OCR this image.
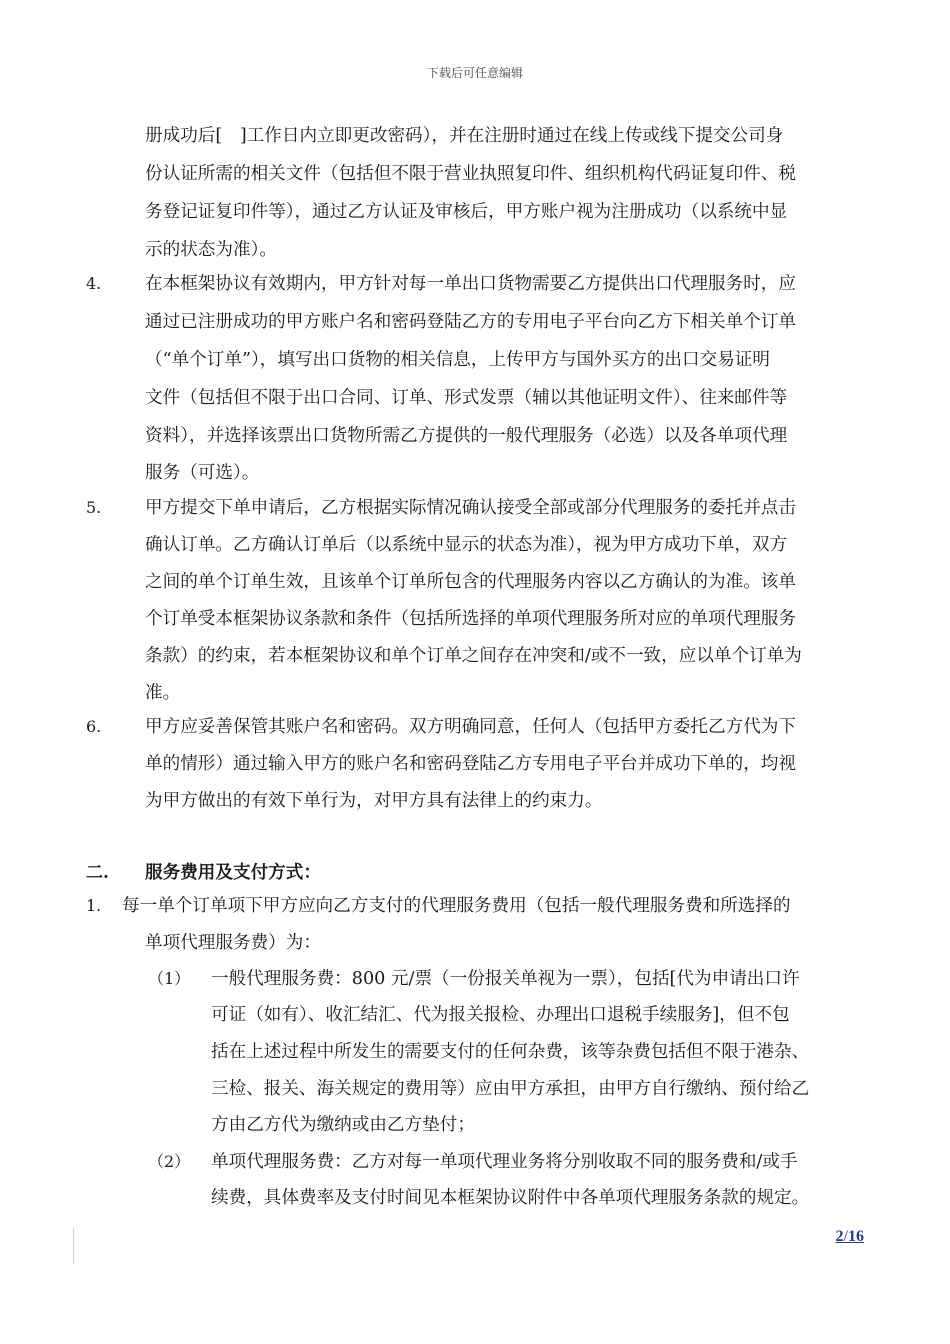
下载后可任意编辑
册成功后[　]工作日内立即更改密码），并在注册时通过在线上传或线下提交公司身
份认证所需的相关文件（包括但不限于营业执照复印件、组织机构代码证复印件、税
务登记证复印件等），通过乙方认证及审核后，甲方账户视为注册成功（以系统中显
示的状态为准）。
4. 在本框架协议有效期内，甲方针对每一单出口货物需要乙方提供出口代理服务时，应
通过已注册成功的甲方账户名和密码登陆乙方的专用电子平台向乙方下相关单个订单
（“单个订单”），填写出口货物的相关信息，上传甲方与国外买方的出口交易证明
文件（包括但不限于出口合同、订单、形式发票（辅以其他证明文件）、往来邮件等
资料），并选择该票出口货物所需乙方提供的一般代理服务（必选）以及各单项代理
服务（可选）。
5. 甲方提交下单申请后，乙方根据实际情况确认接受全部或部分代理服务的委托并点击
确认订单。乙方确认订单后（以系统中显示的状态为准），视为甲方成功下单，双方
之间的单个订单生效，且该单个订单所包含的代理服务内容以乙方确认的为准。该单
个订单受本框架协议条款和条件（包括所选择的单项代理服务所对应的单项代理服务
条款）的约束，若本框架协议和单个订单之间存在冲突和/或不一致，应以单个订单为
准。
6. 甲方应妥善保管其账户名和密码。双方明确同意，任何人（包括甲方委托乙方代为下
单的情形）通过输入甲方的账户名和密码登陆乙方专用电子平台并成功下单的，均视
为甲方做出的有效下单行为，对甲方具有法律上的约束力。
二. 服务费用及支付方式：
1. 每一单个订单项下甲方应向乙方支付的代理服务费用（包括一般代理服务费和所选择的
单项代理服务费）为：
（1） 一般代理服务费：800 元/票（一份报关单视为一票），包括[代为申请出口许
可证（如有）、收汇结汇、代为报关报检、办理出口退税手续服务]，但不包
括在上述过程中所发生的需要支付的任何杂费，该等杂费包括但不限于港杂、
三检、报关、海关规定的费用等）应由甲方承担，由甲方自行缴纳、预付给乙
方由乙方代为缴纳或由乙方垫付；
（2） 单项代理服务费：乙方对每一单项代理业务将分别收取不同的服务费和/或手
续费，具体费率及支付时间见本框架协议附件中各单项代理服务条款的规定。
2/16
